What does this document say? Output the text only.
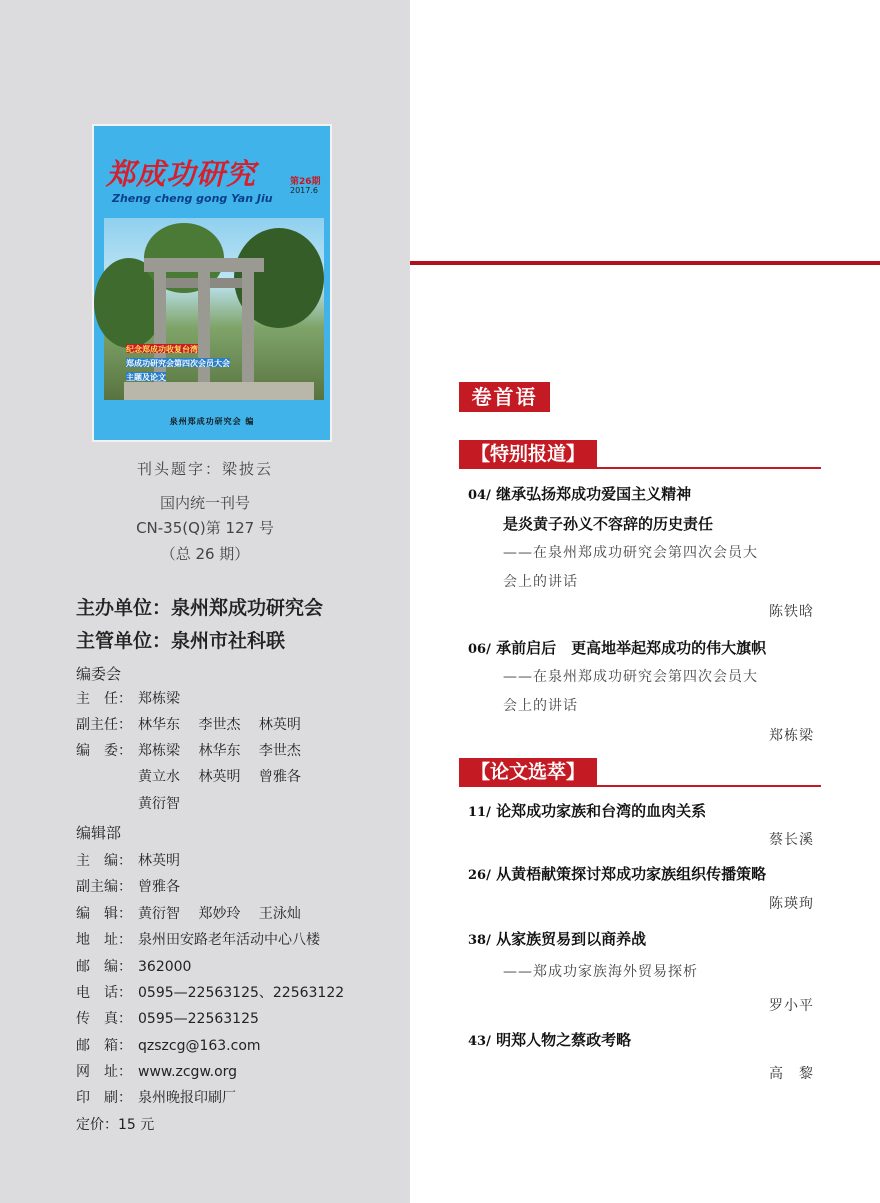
郑成功研究	第26期
2017.6
Zheng cheng gong Yan Jiu
纪念郑成功收复台湾
郑成功研究会第四次会员大会
主题及论文
泉州郑成功研究会 编
刊头题字：梁披云
国内统一刊号
CN-35(Q)第 127 号
（总 26 期）
主办单位：泉州郑成功研究会
主管单位：泉州市社科联
编委会
主　任： 郑栋梁
副主任： 林华东　 李世杰　 林英明
编　委： 郑栋梁　 林华东　 李世杰
黄立水　 林英明　 曾雅各
黄衍智
编辑部
主　编： 林英明
副主编： 曾雅各
编　辑： 黄衍智　 郑妙玲　 王泳灿
地　址： 泉州田安路老年活动中心八楼
邮　编： 362000
电　话： 0595—22563125、22563122
传　真： 0595—22563125
邮　箱： qzszcg@163.com
网　址： www.zcgw.org
印　刷： 泉州晚报印刷厂
定价：15 元
卷首语
【特别报道】
04/ 继承弘扬郑成功爱国主义精神
是炎黄子孙义不容辞的历史责任
——在泉州郑成功研究会第四次会员大
会上的讲话
陈铁晗
06/ 承前启后　更高地举起郑成功的伟大旗帜
——在泉州郑成功研究会第四次会员大
会上的讲话
郑栋梁
【论文选萃】
11/ 论郑成功家族和台湾的血肉关系
蔡长溪
26/ 从黄梧献策探讨郑成功家族组织传播策略
陈瑛珣
38/ 从家族贸易到以商养战
——郑成功家族海外贸易探析
罗小平
43/ 明郑人物之蔡政考略
高　黎
